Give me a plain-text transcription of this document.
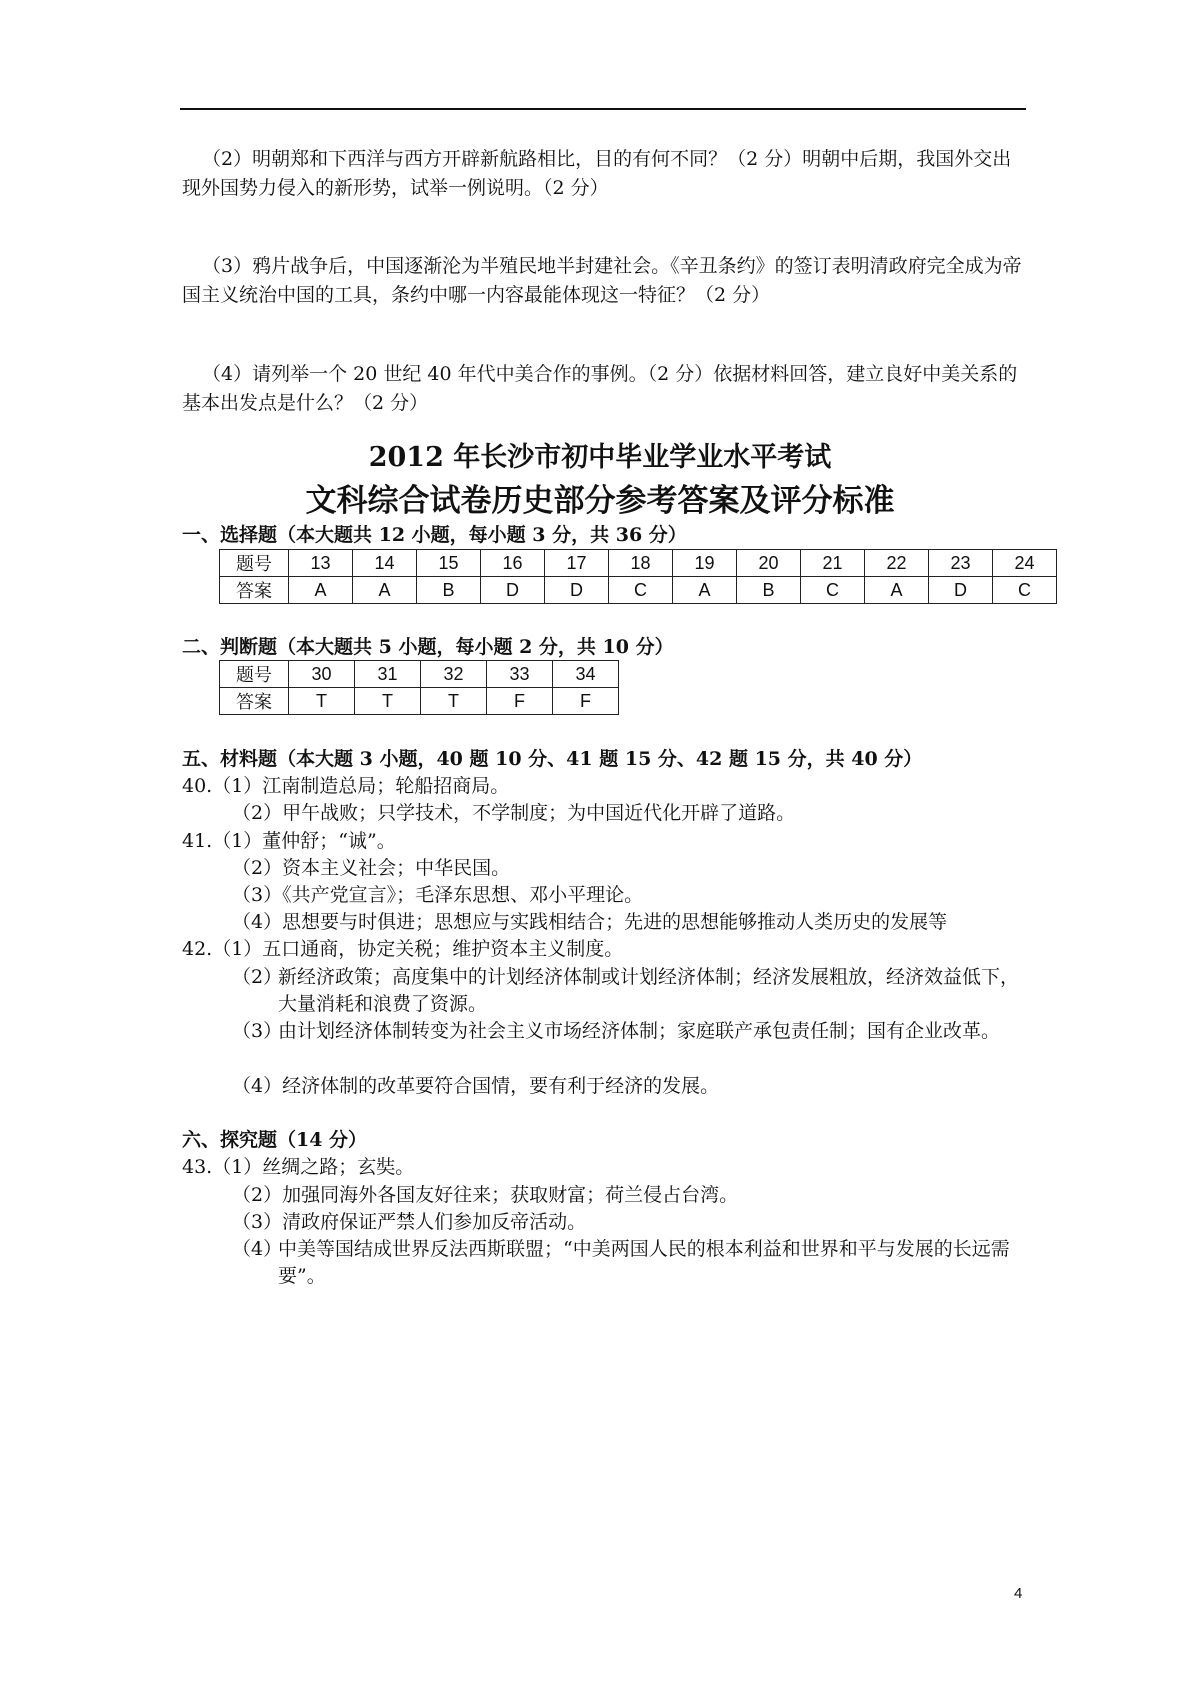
（2）明朝郑和下西洋与西方开辟新航路相比，目的有何不同？（2 分）明朝中后期，我国外交出现外国势力侵入的新形势，试举一例说明。（2 分）

（3）鸦片战争后，中国逐渐沦为半殖民地半封建社会。《辛丑条约》的签订表明清政府完全成为帝国主义统治中国的工具，条约中哪一内容最能体现这一特征？（2 分）

（4）请列举一个 20 世纪 40 年代中美合作的事例。（2 分）依据材料回答，建立良好中美关系的基本出发点是什么？（2 分）

2012 年长沙市初中毕业学业水平考试
文科综合试卷历史部分参考答案及评分标准

一、选择题（本大题共 12 小题，每小题 3 分，共 36 分）

题号	13	14	15	16	17	18	19	20	21	22	23	24
答案	A	A	B	D	D	C	A	B	C	A	D	C

二、判断题（本大题共 5 小题，每小题 2 分，共 10 分）

题号	30	31	32	33	34
答案	T	T	T	F	F

五、材料题（本大题 3 小题，40 题 10 分、41 题 15 分、42 题 15 分，共 40 分）

40.（1）江南制造总局；轮船招商局。

（2）甲午战败；只学技术，不学制度；为中国近代化开辟了道路。

41.（1）董仲舒；“诚”。

（2）资本主义社会；中华民国。

（3）《共产党宣言》；毛泽东思想、邓小平理论。

（4）思想要与时俱进；思想应与实践相结合；先进的思想能够推动人类历史的发展等

42.（1）五口通商，协定关税；维护资本主义制度。

（2）

新经济政策；高度集中的计划经济体制或计划经济体制；经济发展粗放，经济效益低下，大量消耗和浪费了资源。

（3）

由计划经济体制转变为社会主义市场经济体制；家庭联产承包责任制；国有企业改革。

（4）经济体制的改革要符合国情，要有利于经济的发展。

六、探究题（14 分）

43.（1）丝绸之路；玄奘。

（2）加强同海外各国友好往来；获取财富；荷兰侵占台湾。

（3）清政府保证严禁人们参加反帝活动。

（4）

中美等国结成世界反法西斯联盟；“中美两国人民的根本利益和世界和平与发展的长远需要”。

4
